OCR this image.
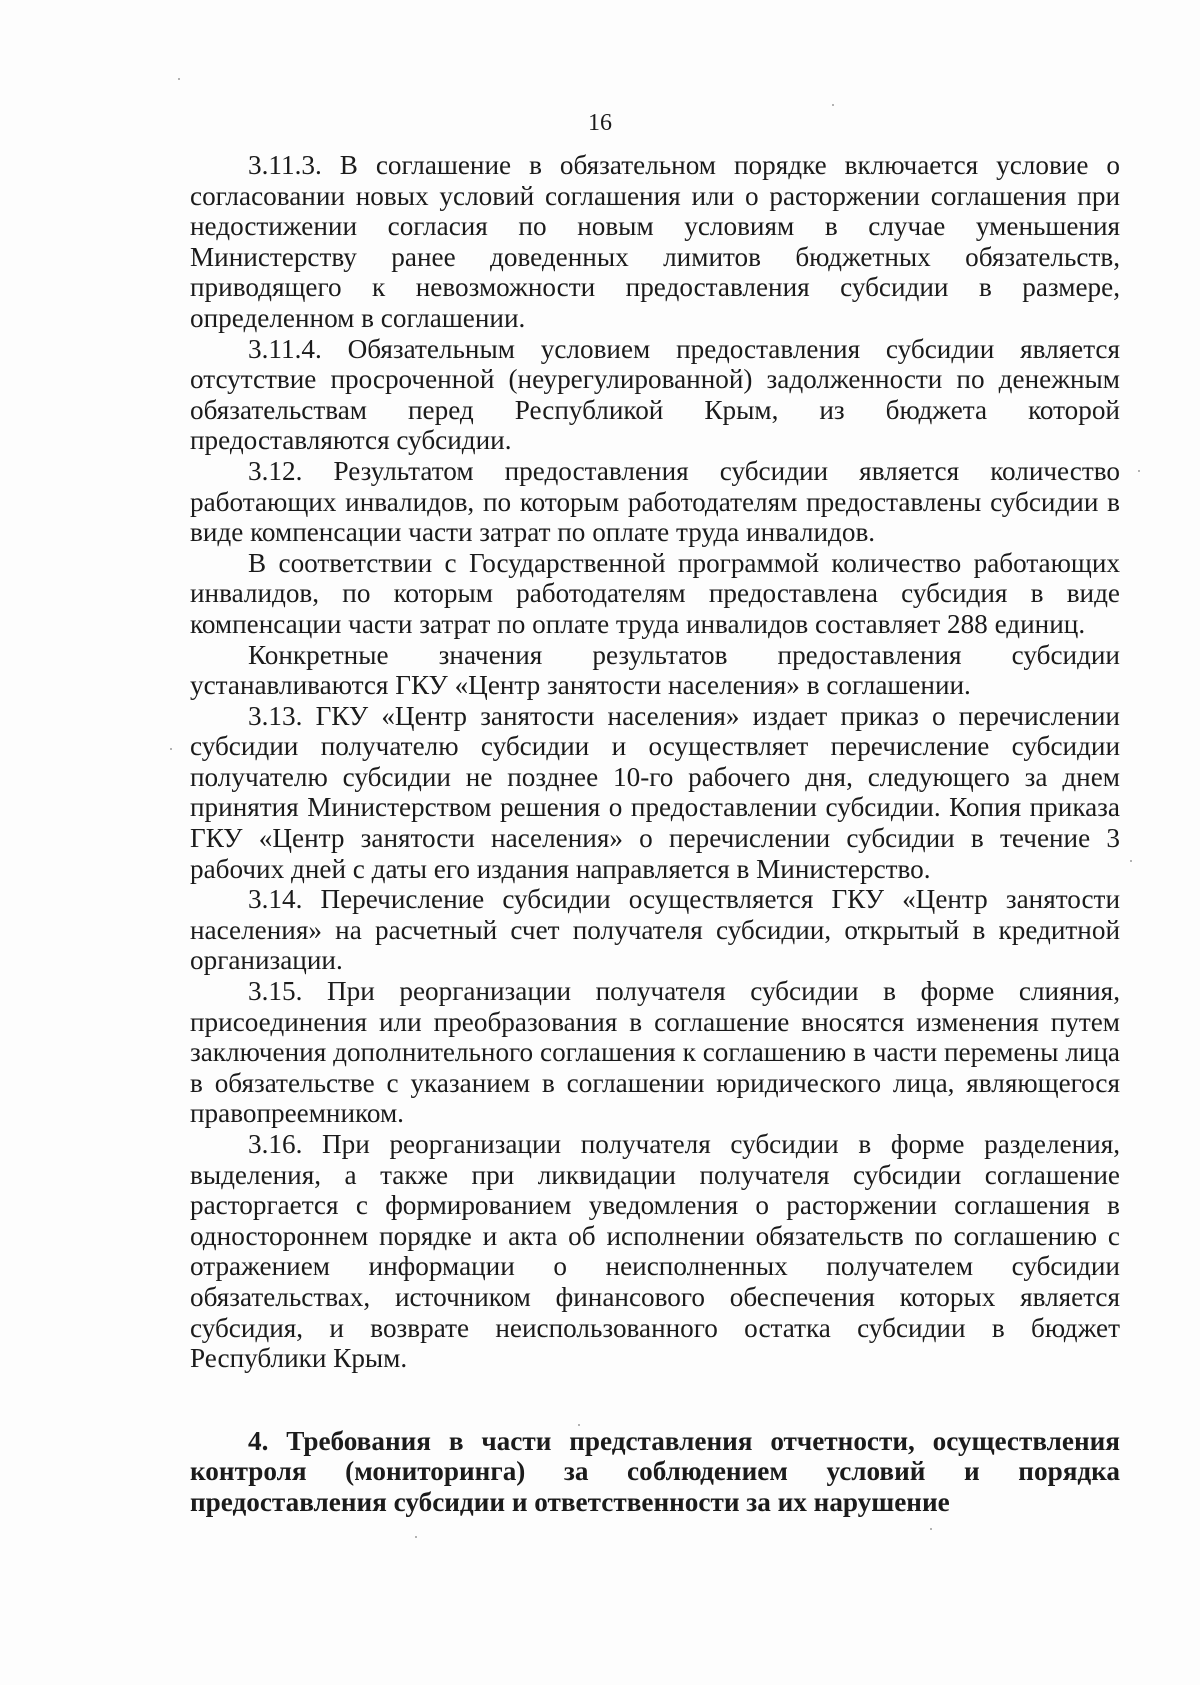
16

3.11.3. В соглашение в обязательном порядке включается условие о согласовании новых условий соглашения или о расторжении соглашения при недостижении согласия по новым условиям в случае уменьшения Министерству ранее доведенных лимитов бюджетных обязательств, приводящего к невозможности предоставления субсидии в размере, определенном в соглашении.

3.11.4. Обязательным условием предоставления субсидии является отсутствие просроченной (неурегулированной) задолженности по денежным обязательствам перед Республикой Крым, из бюджета которой предоставляются субсидии.

3.12. Результатом предоставления субсидии является количество работающих инвалидов, по которым работодателям предоставлены субсидии в виде компенсации части затрат по оплате труда инвалидов.

В соответствии с Государственной программой количество работающих инвалидов, по которым работодателям предоставлена субсидия в виде компенсации части затрат по оплате труда инвалидов составляет 288 единиц.

Конкретные значения результатов предоставления субсидии устанавливаются ГКУ «Центр занятости населения» в соглашении.

3.13. ГКУ «Центр занятости населения» издает приказ о перечислении субсидии получателю субсидии и осуществляет перечисление субсидии получателю субсидии не позднее 10-го рабочего дня, следующего за днем принятия Министерством решения о предоставлении субсидии. Копия приказа ГКУ «Центр занятости населения» о перечислении субсидии в течение 3 рабочих дней с даты его издания направляется в Министерство.

3.14. Перечисление субсидии осуществляется ГКУ «Центр занятости населения» на расчетный счет получателя субсидии, открытый в кредитной организации.

3.15. При реорганизации получателя субсидии в форме слияния, присоединения или преобразования в соглашение вносятся изменения путем заключения дополнительного соглашения к соглашению в части перемены лица в обязательстве с указанием в соглашении юридического лица, являющегося правопреемником.

3.16. При реорганизации получателя субсидии в форме разделения, выделения, а также при ликвидации получателя субсидии соглашение расторгается с формированием уведомления о расторжении соглашения в одностороннем порядке и акта об исполнении обязательств по соглашению с отражением информации о неисполненных получателем субсидии обязательствах, источником финансового обеспечения которых является субсидия, и возврате неиспользованного остатка субсидии в бюджет Республики Крым.

4. Требования в части представления отчетности, осуществления контроля (мониторинга) за соблюдением условий и порядка предоставления субсидии и ответственности за их нарушение
